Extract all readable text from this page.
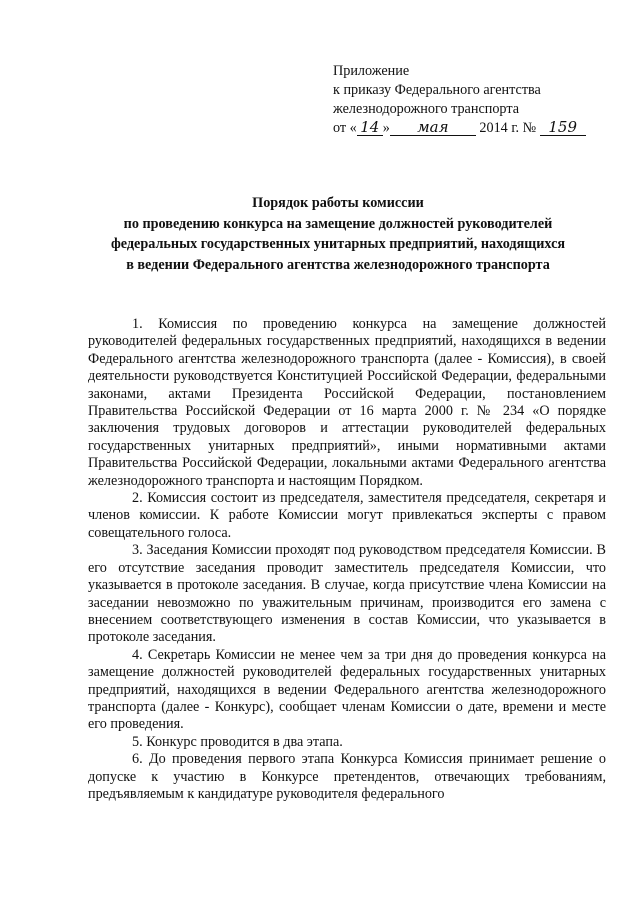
Приложение
к приказу Федерального агентства
железнодорожного транспорта
от « 14 » мая 2014 г. № 159
Порядок работы комиссии
по проведению конкурса на замещение должностей руководителей
федеральных государственных унитарных предприятий, находящихся
в ведении Федерального агентства железнодорожного транспорта

1. Комиссия по проведению конкурса на замещение должностей руководителей федеральных государственных предприятий, находящихся в ведении Федерального агентства железнодорожного транспорта (далее - Комиссия), в своей деятельности руководствуется Конституцией Российской Федерации, федеральными законами, актами Президента Российской Федерации, постановлением Правительства Российской Федерации от 16 марта 2000 г. № 234 «О порядке заключения трудовых договоров и аттестации руководителей федеральных государственных унитарных предприятий», иными нормативными актами Правительства Российской Федерации, локальными актами Федерального агентства железнодорожного транспорта и настоящим Порядком.

2. Комиссия состоит из председателя, заместителя председателя, секретаря и членов комиссии. К работе Комиссии могут привлекаться эксперты с правом совещательного голоса.

3. Заседания Комиссии проходят под руководством председателя Комиссии. В его отсутствие заседания проводит заместитель председателя Комиссии, что указывается в протоколе заседания. В случае, когда присутствие члена Комиссии на заседании невозможно по уважительным причинам, производится его замена с внесением соответствующего изменения в состав Комиссии, что указывается в протоколе заседания.

4. Секретарь Комиссии не менее чем за три дня до проведения конкурса на замещение должностей руководителей федеральных государственных унитарных предприятий, находящихся в ведении Федерального агентства железнодорожного транспорта (далее - Конкурс), сообщает членам Комиссии о дате, времени и месте его проведения.

5. Конкурс проводится в два этапа.

6. До проведения первого этапа Конкурса Комиссия принимает решение о допуске к участию в Конкурсе претендентов, отвечающих требованиям, предъявляемым к кандидатуре руководителя федерального
